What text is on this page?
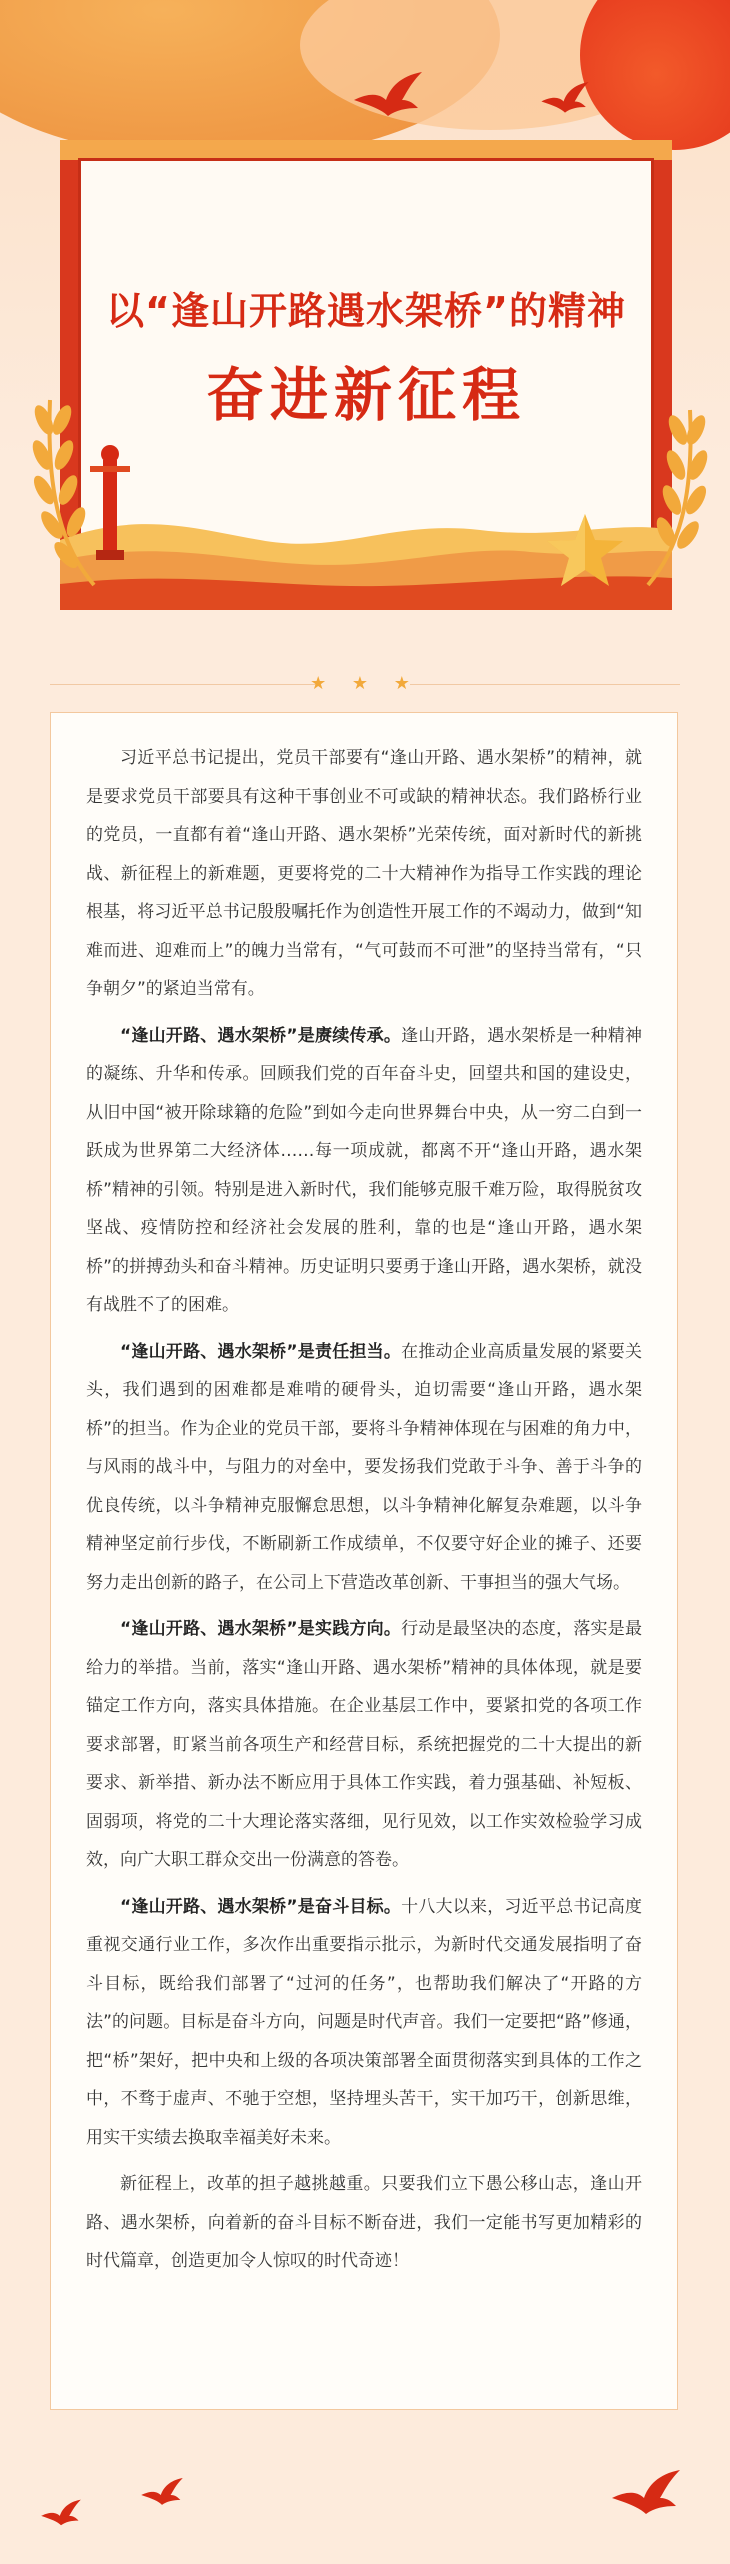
以“逢山开路遇水架桥”的精神
奋进新征程
★ ★ ★

习近平总书记提出，党员干部要有“逢山开路、遇水架桥”的精神，就是要求党员干部要具有这种干事创业不可或缺的精神状态。我们路桥行业的党员，一直都有着“逢山开路、遇水架桥”光荣传统，面对新时代的新挑战、新征程上的新难题，更要将党的二十大精神作为指导工作实践的理论根基，将习近平总书记殷殷嘱托作为创造性开展工作的不竭动力，做到“知难而进、迎难而上”的魄力当常有，“气可鼓而不可泄”的坚持当常有，“只争朝夕”的紧迫当常有。

“逢山开路、遇水架桥”是赓续传承。逢山开路，遇水架桥是一种精神的凝练、升华和传承。回顾我们党的百年奋斗史，回望共和国的建设史，从旧中国“被开除球籍的危险”到如今走向世界舞台中央，从一穷二白到一跃成为世界第二大经济体……每一项成就，都离不开“逢山开路，遇水架桥”精神的引领。特别是进入新时代，我们能够克服千难万险，取得脱贫攻坚战、疫情防控和经济社会发展的胜利，靠的也是“逢山开路，遇水架桥”的拼搏劲头和奋斗精神。历史证明只要勇于逢山开路，遇水架桥，就没有战胜不了的困难。

“逢山开路、遇水架桥”是责任担当。在推动企业高质量发展的紧要关头，我们遇到的困难都是难啃的硬骨头，迫切需要“逢山开路，遇水架桥”的担当。作为企业的党员干部，要将斗争精神体现在与困难的角力中，与风雨的战斗中，与阻力的对垒中，要发扬我们党敢于斗争、善于斗争的优良传统，以斗争精神克服懈怠思想，以斗争精神化解复杂难题，以斗争精神坚定前行步伐，不断刷新工作成绩单，不仅要守好企业的摊子、还要努力走出创新的路子，在公司上下营造改革创新、干事担当的强大气场。

“逢山开路、遇水架桥”是实践方向。行动是最坚决的态度，落实是最给力的举措。当前，落实“逢山开路、遇水架桥”精神的具体体现，就是要锚定工作方向，落实具体措施。在企业基层工作中，要紧扣党的各项工作要求部署，盯紧当前各项生产和经营目标，系统把握党的二十大提出的新要求、新举措、新办法不断应用于具体工作实践，着力强基础、补短板、固弱项，将党的二十大理论落实落细，见行见效，以工作实效检验学习成效，向广大职工群众交出一份满意的答卷。

“逢山开路、遇水架桥”是奋斗目标。十八大以来，习近平总书记高度重视交通行业工作，多次作出重要指示批示，为新时代交通发展指明了奋斗目标，既给我们部署了“过河的任务”，也帮助我们解决了“开路的方法”的问题。目标是奋斗方向，问题是时代声音。我们一定要把“路”修通，把“桥”架好，把中央和上级的各项决策部署全面贯彻落实到具体的工作之中，不骛于虚声、不驰于空想，坚持埋头苦干，实干加巧干，创新思维，用实干实绩去换取幸福美好未来。

新征程上，改革的担子越挑越重。只要我们立下愚公移山志，逢山开路、遇水架桥，向着新的奋斗目标不断奋进，我们一定能书写更加精彩的时代篇章，创造更加令人惊叹的时代奇迹！
